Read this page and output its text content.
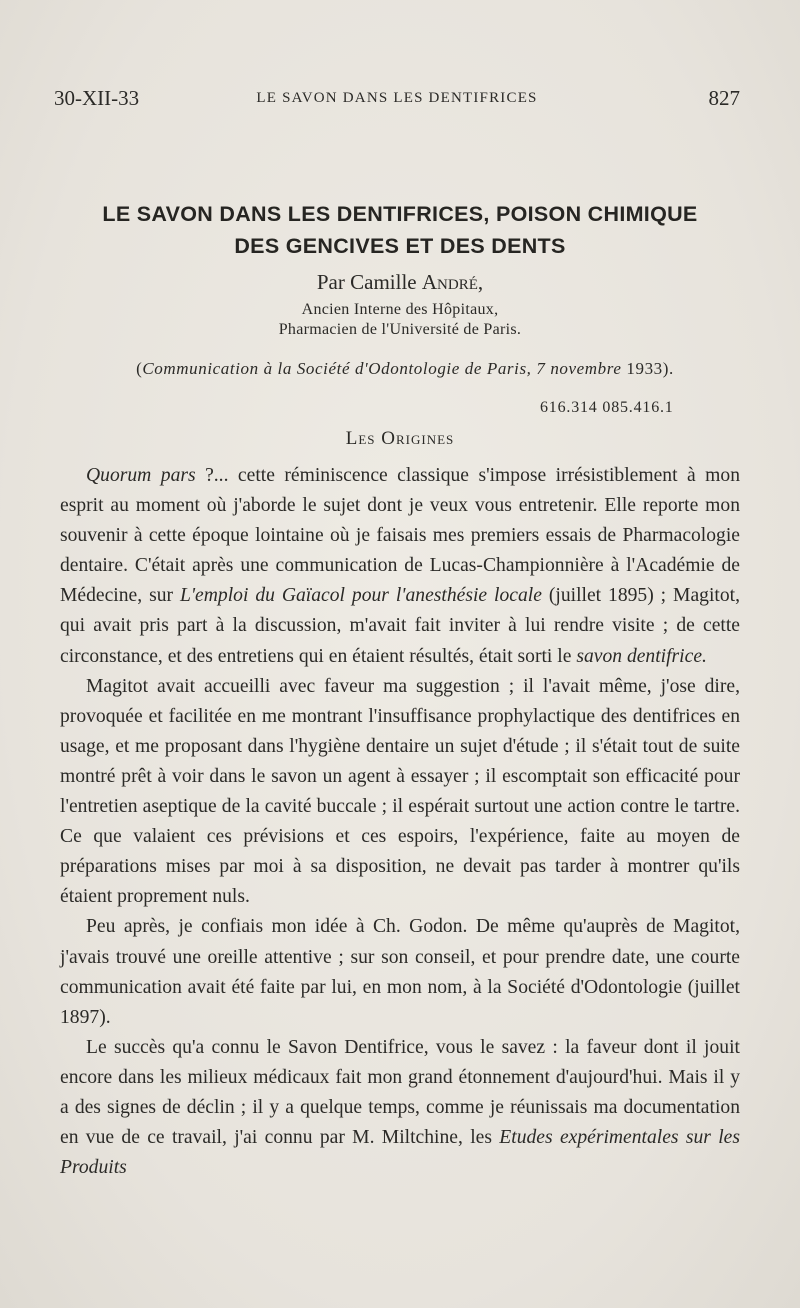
30-XII-33	LE SAVON DANS LES DENTIFRICES	827
LE SAVON DANS LES DENTIFRICES, POISON CHIMIQUE
DES GENCIVES ET DES DENTS
Par Camille André,
Ancien Interne des Hôpitaux,
Pharmacien de l'Université de Paris.
(Communication à la Société d'Odontologie de Paris, 7 novembre 1933).
616.314 085.416.1
Les Origines

Quorum pars ?... cette réminiscence classique s'impose irrésistiblement à mon esprit au moment où j'aborde le sujet dont je veux vous entretenir. Elle reporte mon souvenir à cette époque lointaine où je faisais mes premiers essais de Pharmacologie dentaire. C'était après une communication de Lucas-Championnière à l'Académie de Médecine, sur L'emploi du Gaïacol pour l'anesthésie locale (juillet 1895) ; Magitot, qui avait pris part à la discussion, m'avait fait inviter à lui rendre visite ; de cette circonstance, et des entretiens qui en étaient résultés, était sorti le savon dentifrice.

Magitot avait accueilli avec faveur ma suggestion ; il l'avait même, j'ose dire, provoquée et facilitée en me montrant l'insuffisance prophylactique des dentifrices en usage, et me proposant dans l'hygiène dentaire un sujet d'étude ; il s'était tout de suite montré prêt à voir dans le savon un agent à essayer ; il escomptait son efficacité pour l'entretien aseptique de la cavité buccale ; il espérait surtout une action contre le tartre. Ce que valaient ces prévisions et ces espoirs, l'expérience, faite au moyen de préparations mises par moi à sa disposition, ne devait pas tarder à montrer qu'ils étaient proprement nuls.

Peu après, je confiais mon idée à Ch. Godon. De même qu'auprès de Magitot, j'avais trouvé une oreille attentive ; sur son conseil, et pour prendre date, une courte communication avait été faite par lui, en mon nom, à la Société d'Odontologie (juillet 1897).

Le succès qu'a connu le Savon Dentifrice, vous le savez : la faveur dont il jouit encore dans les milieux médicaux fait mon grand étonnement d'aujourd'hui. Mais il y a des signes de déclin ; il y a quelque temps, comme je réunissais ma documentation en vue de ce travail, j'ai connu par M. Miltchine, les Etudes expérimentales sur les Produits
